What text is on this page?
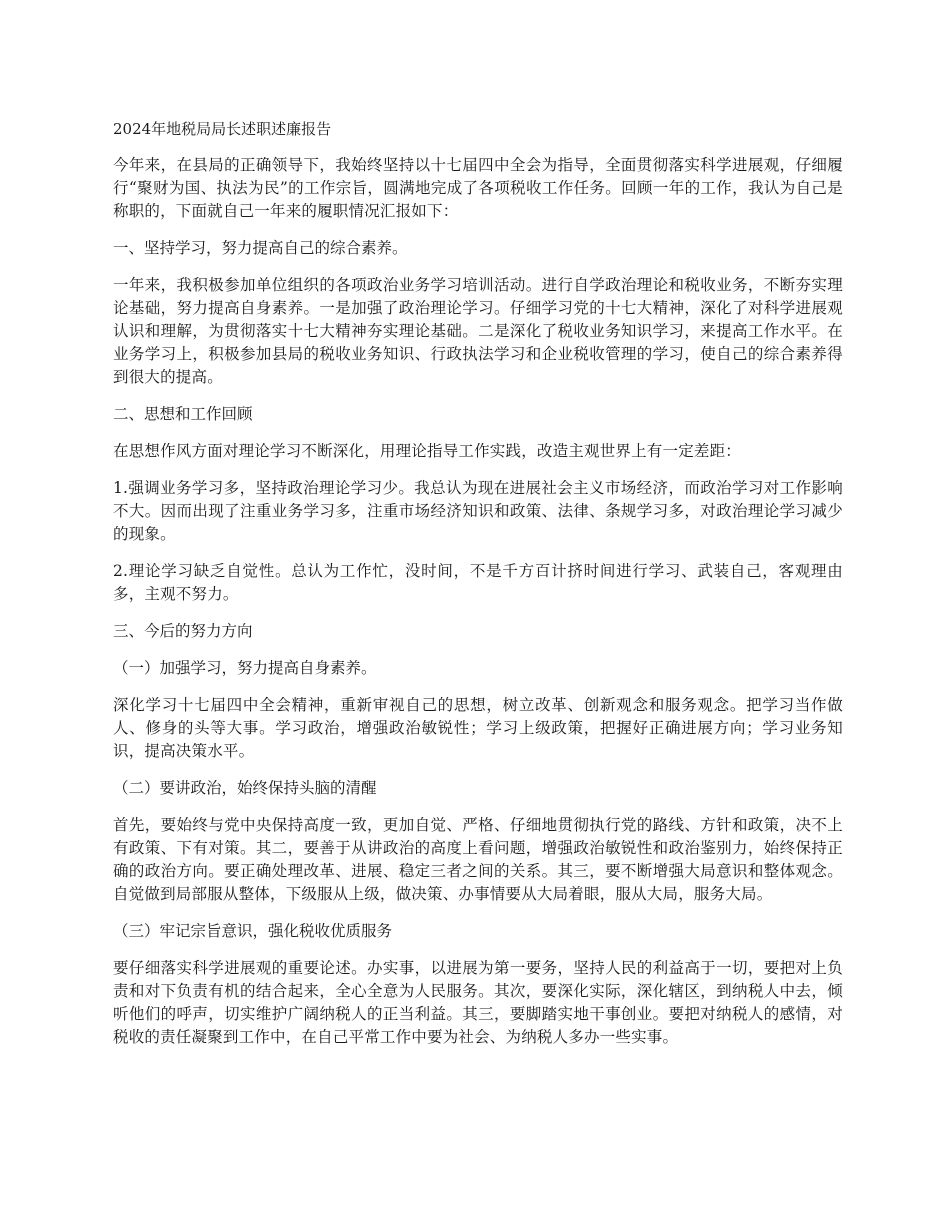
2024年地税局局长述职述廉报告

今年来，在县局的正确领导下，我始终坚持以十七届四中全会为指导，全面贯彻落实科学进展观，仔细履行“聚财为国、执法为民”的工作宗旨，圆满地完成了各项税收工作任务。回顾一年的工作，我认为自己是称职的，下面就自己一年来的履职情况汇报如下：

一、坚持学习，努力提高自己的综合素养。

一年来，我积极参加单位组织的各项政治业务学习培训活动。进行自学政治理论和税收业务，不断夯实理论基础，努力提高自身素养。一是加强了政治理论学习。仔细学习党的十七大精神，深化了对科学进展观认识和理解，为贯彻落实十七大精神夯实理论基础。二是深化了税收业务知识学习，来提高工作水平。在业务学习上，积极参加县局的税收业务知识、行政执法学习和企业税收管理的学习，使自己的综合素养得到很大的提高。

二、思想和工作回顾

在思想作风方面对理论学习不断深化，用理论指导工作实践，改造主观世界上有一定差距：

1.强调业务学习多，坚持政治理论学习少。我总认为现在进展社会主义市场经济，而政治学习对工作影响不大。因而出现了注重业务学习多，注重市场经济知识和政策、法律、条规学习多，对政治理论学习减少的现象。

2.理论学习缺乏自觉性。总认为工作忙，没时间，不是千方百计挤时间进行学习、武装自己，客观理由多，主观不努力。

三、今后的努力方向

（一）加强学习，努力提高自身素养。

深化学习十七届四中全会精神，重新审视自己的思想，树立改革、创新观念和服务观念。把学习当作做人、修身的头等大事。学习政治，增强政治敏锐性；学习上级政策，把握好正确进展方向；学习业务知识，提高决策水平。

（二）要讲政治，始终保持头脑的清醒

首先，要始终与党中央保持高度一致，更加自觉、严格、仔细地贯彻执行党的路线、方针和政策，决不上有政策、下有对策。其二，要善于从讲政治的高度上看问题，增强政治敏锐性和政治鉴别力，始终保持正确的政治方向。要正确处理改革、进展、稳定三者之间的关系。其三，要不断增强大局意识和整体观念。自觉做到局部服从整体，下级服从上级，做决策、办事情要从大局着眼，服从大局，服务大局。

（三）牢记宗旨意识，强化税收优质服务

要仔细落实科学进展观的重要论述。办实事，以进展为第一要务，坚持人民的利益高于一切，要把对上负责和对下负责有机的结合起来，全心全意为人民服务。其次，要深化实际，深化辖区，到纳税人中去，倾听他们的呼声，切实维护广阔纳税人的正当利益。其三，要脚踏实地干事创业。要把对纳税人的感情，对税收的责任凝聚到工作中，在自己平常工作中要为社会、为纳税人多办一些实事。
